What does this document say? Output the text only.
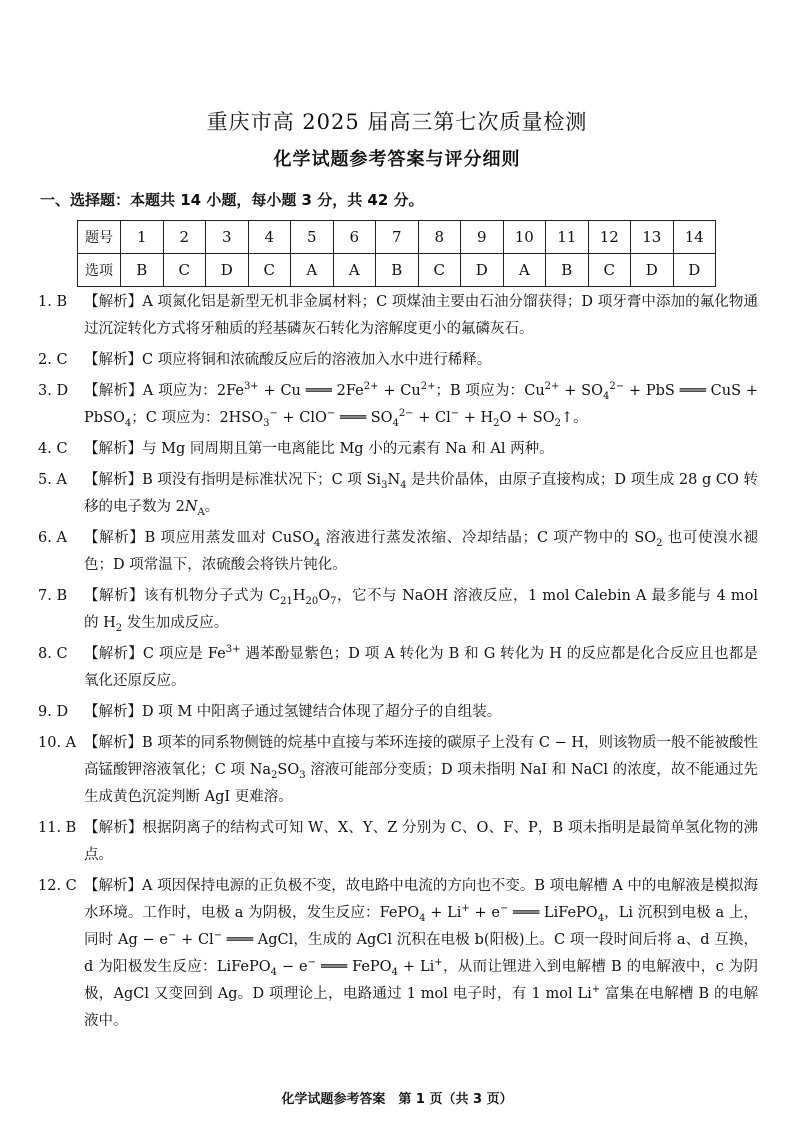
重庆市高 2025 届高三第七次质量检测
化学试题参考答案与评分细则
一、选择题：本题共 14 小题，每小题 3 分，共 42 分。
题号	1	2	3	4	5	6	7	8	9	10	11	12	13	14
选项	B	C	D	C	A	A	B	C	D	A	B	C	D	D
1. B 【解析】A 项氮化铝是新型无机非金属材料；C 项煤油主要由石油分馏获得；D 项牙膏中添加的氟化物通过沉淀转化方式将牙釉质的羟基磷灰石转化为溶解度更小的氟磷灰石。
2. C 【解析】C 项应将铜和浓硫酸反应后的溶液加入水中进行稀释。
3. D 【解析】A 项应为：$2Fe^{3+} + Cu$ ═══ $2Fe^{2+} + Cu^{2+}$；B 项应为：$Cu^{2+} + SO_4^{2-}$ + PbS ═══ CuS + PbSO$_4$；C 项应为：$2HSO_3^- + ClO^-$ ═══ $SO_4^{2-} + Cl^- + H_2O$ + $SO_2↑$。
4. C 【解析】与 Mg 同周期且第一电离能比 Mg 小的元素有 Na 和 Al 两种。
5. A 【解析】B 项没有指明是标准状况下；C 项 $Si_3N_4$ 是共价晶体，由原子直接构成；D 项生成 28 g CO 转移的电子数为 $2N_A$。
6. A 【解析】B 项应用蒸发皿对 CuSO$_4$ 溶液进行蒸发浓缩、冷却结晶；C 项产物中的 $SO_2$ 也可使溴水褪色；D 项常温下，浓硫酸会将铁片钝化。
7. B 【解析】该有机物分子式为 $C_{21}H_{20}O_7$，它不与 NaOH 溶液反应，1 mol Calebin A 最多能与 4 mol 的 $H_2$ 发生加成反应。
8. C 【解析】C 项应是 $Fe^{3+}$ 遇苯酚显紫色；D 项 A 转化为 B 和 G 转化为 H 的反应都是化合反应且也都是氧化还原反应。
9. D 【解析】D 项 M 中阳离子通过氢键结合体现了超分子的自组装。
10. A 【解析】B 项苯的同系物侧链的烷基中直接与苯环连接的碳原子上没有 C − H，则该物质一般不能被酸性高锰酸钾溶液氧化；C 项 $Na_2SO_3$ 溶液可能部分变质；D 项未指明 NaI 和 NaCl 的浓度，故不能通过先生成黄色沉淀判断 AgI 更难溶。
11. B 【解析】根据阴离子的结构式可知 W、X、Y、Z 分别为 C、O、F、P，B 项未指明是最简单氢化物的沸点。
12. C 【解析】A 项因保持电源的正负极不变，故电路中电流的方向也不变。B 项电解槽 A 中的电解液是模拟海水环境。工作时，电极 a 为阴极，发生反应：FePO$_4$ + Li+ + e− ═══ LiFePO$_4$，Li 沉积到电极 a 上，同时 Ag − e− + Cl− ═══ AgCl，生成的 AgCl 沉积在电极 b(阳极)上。C 项一段时间后将 a、d 互换，d 为阳极发生反应：LiFePO$_4$ − e− ═══ FePO$_4$ + Li+，从而让锂进入到电解槽 B 的电解液中，c 为阴极，AgCl 又变回到 Ag。D 项理论上，电路通过 1 mol 电子时，有 1 mol Li+ 富集在电解槽 B 的电解液中。
化学试题参考答案　第 1 页（共 3 页）
